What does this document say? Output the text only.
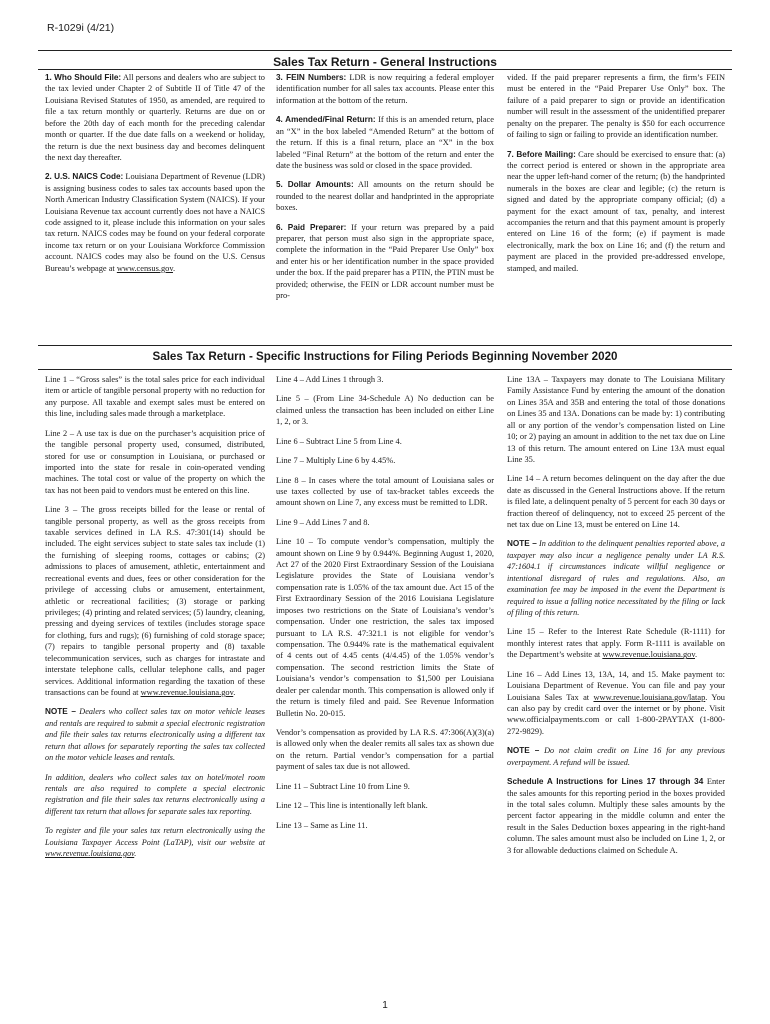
R-1029i (4/21)
Sales Tax Return - General Instructions

1. Who Should File: All persons and dealers who are subject to the tax levied under Chapter 2 of Subtitle II of Title 47 of the Louisiana Revised Statutes of 1950, as amended, are required to file a tax return monthly or quarterly. Returns are due on or before the 20th day of each month for the preceding calendar month or quarter. If the due date falls on a weekend or holiday, the return is due the next business day and becomes delinquent the next day thereafter.

2. U.S. NAICS Code: Louisiana Department of Revenue (LDR) is assigning business codes to sales tax accounts based upon the North American Industry Classification System (NAICS). If your Louisiana Revenue tax account currently does not have a NAICS code assigned to it, please include this information on your sales tax return. NAICS codes may be found on your federal corporate income tax return or on your Louisiana Workforce Commission account. NAICS codes may also be found on the U.S. Census Bureau’s webpage at www.census.gov.

3. FEIN Numbers: LDR is now requiring a federal employer identification number for all sales tax accounts. Please enter this information at the bottom of the return.

4. Amended/Final Return: If this is an amended return, place an “X” in the box labeled “Amended Return” at the bottom of the return. If this is a final return, place an “X” in the box labeled “Final Return” at the bottom of the return and enter the date the business was sold or closed in the space provided.

5. Dollar Amounts: All amounts on the return should be rounded to the nearest dollar and handprinted in the appropriate boxes.

6. Paid Preparer: If your return was prepared by a paid preparer, that person must also sign in the appropriate space, complete the information in the “Paid Preparer Use Only” box and enter his or her identification number in the space provided under the box. If the paid preparer has a PTIN, the PTIN must be provided; otherwise, the FEIN or LDR account number must be pro-

vided. If the paid preparer represents a firm, the firm’s FEIN must be entered in the “Paid Preparer Use Only” box. The failure of a paid preparer to sign or provide an identification number will result in the assessment of the unidentified preparer penalty on the preparer. The penalty is $50 for each occurrence of failing to sign or failing to provide an identification number.

7. Before Mailing: Care should be exercised to ensure that: (a) the correct period is entered or shown in the appropriate area near the upper left-hand corner of the return; (b) the handprinted numerals in the boxes are clear and legible; (c) the return is signed and dated by the appropriate company official; (d) a payment for the exact amount of tax, penalty, and interest accompanies the return and that this payment amount is properly entered on Line 16 of the form; (e) if payment is made electronically, mark the box on Line 16; and (f) the return and payment are placed in the provided pre-addressed envelope, stamped, and mailed.

Sales Tax Return - Specific Instructions for Filing Periods Beginning November 2020

Line 1 – “Gross sales” is the total sales price for each individual item or article of tangible personal property with no reduction for any purpose. All taxable and exempt sales must be entered on this line, including sales made through a marketplace.

Line 2 – A use tax is due on the purchaser’s acquisition price of the tangible personal property used, consumed, distributed, stored for use or consumption in Louisiana, or purchased or imported into the state for resale in coin-operated vending machines. The total cost or value of the property on which the tax has not been paid to vendors must be entered on this line.

Line 3 – The gross receipts billed for the lease or rental of tangible personal property, as well as the gross receipts from taxable services defined in LA R.S. 47:301(14) should be included. The eight services subject to state sales tax include (1) the furnishing of sleeping rooms, cottages or cabins; (2) admissions to places of amusement, athletic, entertainment and recreational events and dues, fees or other consideration for the privilege of accessing clubs or amusement, entertainment, athletic or recreational facilities; (3) storage or parking privileges; (4) printing and related services; (5) laundry, cleaning, pressing and dyeing services of textiles (includes storage space for clothing, furs and rugs); (6) furnishing of cold storage space; (7) repairs to tangible personal property and (8) taxable telecommunication services, such as charges for intrastate and interstate telephone calls, cellular telephone calls, and pager services. Additional information regarding the taxation of these transactions can be found at www.revenue.louisiana.gov.

NOTE – Dealers who collect sales tax on motor vehicle leases and rentals are required to submit a special electronic registration and file their sales tax returns electronically using a different tax return that allows for separately reporting the sales tax collected on the motor vehicle leases and rentals.

In addition, dealers who collect sales tax on hotel/motel room rentals are also required to complete a special electronic registration and file their sales tax returns electronically using a different tax return that allows for separate sales tax reporting.

To register and file your sales tax return electronically using the Louisiana Taxpayer Access Point (LaTAP), visit our website at www.revenue.louisiana.gov.

Line 4 – Add Lines 1 through 3.

Line 5 – (From Line 34-Schedule A) No deduction can be claimed unless the transaction has been included on either Line 1, 2, or 3.

Line 6 – Subtract Line 5 from Line 4.

Line 7 – Multiply Line 6 by 4.45%.

Line 8 – In cases where the total amount of Louisiana sales or use taxes collected by use of tax-bracket tables exceeds the amount shown on Line 7, any excess must be remitted to LDR.

Line 9 – Add Lines 7 and 8.

Line 10 – To compute vendor’s compensation, multiply the amount shown on Line 9 by 0.944%. Beginning August 1, 2020, Act 27 of the 2020 First Extraordinary Session of the Louisiana Legislature provides the State of Louisiana vendor’s compensation rate is 1.05% of the tax amount due. Act 15 of the First Extraordinary Session of the 2016 Louisiana Legislature imposes two restrictions on the State of Louisiana’s vendor’s compensation. Under one restriction, the sales tax imposed pursuant to LA R.S. 47:321.1 is not eligible for vendor’s compensation. The 0.944% rate is the mathematical equivalent of 4 cents out of 4.45 cents (4/4.45) of the 1.05% vendor’s compensation. The second restriction limits the State of Louisiana’s vendor’s compensation to $1,500 per Louisiana dealer per calendar month. This compensation is allowed only if the return is timely filed and paid. See Revenue Information Bulletin No. 20-015.

Vendor’s compensation as provided by LA R.S. 47:306(A)(3)(a) is allowed only when the dealer remits all sales tax as shown due on the return. Partial vendor’s compensation for a partial payment of sales tax due is not allowed.

Line 11 – Subtract Line 10 from Line 9.

Line 12 – This line is intentionally left blank.

Line 13 – Same as Line 11.

Line 13A – Taxpayers may donate to The Louisiana Military Family Assistance Fund by entering the amount of the donation on Lines 35A and 35B and entering the total of those donations on Lines 35 and 13A. Donations can be made by: 1) contributing all or any portion of the vendor’s compensation listed on Line 10; or 2) paying an amount in addition to the net tax due on Line 13 of this return. The amount entered on Line 13A must equal Line 35.

Line 14 – A return becomes delinquent on the day after the due date as discussed in the General Instructions above. If the return is filed late, a delinquent penalty of 5 percent for each 30 days or fraction thereof of delinquency, not to exceed 25 percent of the net tax due on Line 13, must be entered on Line 14.

NOTE – In addition to the delinquent penalties reported above, a taxpayer may also incur a negligence penalty under LA R.S. 47:1604.1 if circumstances indicate willful negligence or intentional disregard of rules and regulations. Also, an examination fee may be imposed in the event the Department is required to issue a falling notice necessitated by the filing or lack of filing of this return.

Line 15 – Refer to the Interest Rate Schedule (R-1111) for monthly interest rates that apply. Form R-1111 is available on the Department’s website at www.revenue.louisiana.gov.

Line 16 – Add Lines 13, 13A, 14, and 15. Make payment to: Louisiana Department of Revenue. You can file and pay your Louisiana Sales Tax at www.revenue.louisiana.gov/latap. You can also pay by credit card over the internet or by phone. Visit www.officialpayments.com or call 1-800-2PAYTAX (1-800-272-9829).

NOTE – Do not claim credit on Line 16 for any previous overpayment. A refund will be issued.

Schedule A Instructions for Lines 17 through 34 Enter the sales amounts for this reporting period in the boxes provided in the total sales column. Multiply these sales amounts by the percent factor appearing in the middle column and enter the result in the Sales Deduction boxes appearing in the right-hand column. The sales amount must also be included on Line 1, 2, or 3 for allowable deductions claimed on Schedule A.

1
